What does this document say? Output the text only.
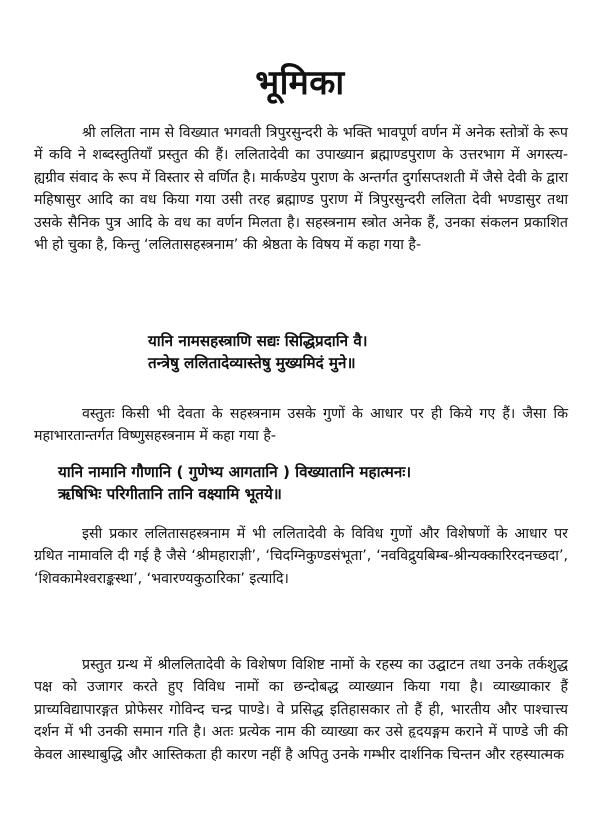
भूमिका

श्री ललिता नाम से विख्यात भगवती त्रिपुरसुन्दरी के भक्ति भावपूर्ण वर्णन में अनेक स्तोत्रों के रूप में कवि ने शब्दस्तुतियाँ प्रस्तुत की हैं। ललितादेवी का उपाख्यान ब्रह्माण्डपुराण के उत्तरभाग में अगस्त्य-ह्यग्रीव संवाद के रूप में विस्तार से वर्णित है। मार्कण्डेय पुराण के अन्तर्गत दुर्गासप्तशती में जैसे देवी के द्वारा महिषासुर आदि का वध किया गया उसी तरह ब्रह्माण्ड पुराण में त्रिपुरसुन्दरी ललिता देवी भण्डासुर तथा उसके सैनिक पुत्र आदि के वध का वर्णन मिलता है। सहस्त्रनाम स्त्रोत अनेक हैं, उनका संकलन प्रकाशित भी हो चुका है, किन्तु ‘ललितासहस्त्रनाम’ की श्रेष्ठता के विषय में कहा गया है-

यानि नामसहस्त्राणि सद्यः सिद्धिप्रदानि वै।
तन्त्रेषु ललितादेव्यास्तेषु मुख्यमिदं मुने॥

वस्तुतः किसी भी देवता के सहस्त्रनाम उसके गुणों के आधार पर ही किये गए हैं। जैसा कि महाभारतान्तर्गत विष्णुसहस्त्रनाम में कहा गया है-

यानि नामानि गौणानि ( गुणेभ्य आगतानि ) विख्यातानि महात्मनः।
ऋषिभिः परिगीतानि तानि वक्ष्यामि भूतये॥

इसी प्रकार ललितासहस्त्रनाम में भी ललितादेवी के विविध गुणों और विशेषणों के आधार पर ग्रथित नामावलि दी गई है जैसे ‘श्रीमहाराज्ञी’, ‘चिदग्निकुण्डसंभूता’, ‘नवविद्रुयबिम्ब-श्रीन्यक्कारिरदनच्छदा’, ‘शिवकामेश्वराङ्कस्था’, ‘भवारण्यकुठारिका’ इत्यादि।

प्रस्तुत ग्रन्थ में श्रीललितादेवी के विशेषण विशिष्ट नामों के रहस्य का उद्घाटन तथा उनके तर्कशुद्ध पक्ष को उजागर करते हुए विविध नामों का छन्दोबद्ध व्याख्यान किया गया है। व्याख्याकार हैं प्राच्यविद्यापारङ्गत प्रोफेसर गोविन्द चन्द्र पाण्डे। वे प्रसिद्ध इतिहासकार तो हैं ही, भारतीय और पाश्चात्त्य दर्शन में भी उनकी समान गति है। अतः प्रत्येक नाम की व्याख्या कर उसे हृदयङ्गम कराने में पाण्डे जी की केवल आस्थाबुद्धि और आस्तिकता ही कारण नहीं है अपितु उनके गम्भीर दार्शनिक चिन्तन और रहस्यात्मक
